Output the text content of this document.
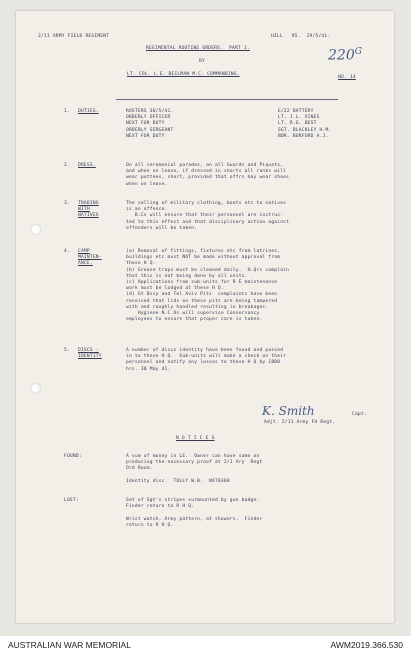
2/11 ARMY FIELD REGIMENT	HILL   95.  29/5/41.
REGIMENTAL ROUTINE ORDERS.  PART 1.	$220^G$
BY
LT. COL. L.E. BEILMAN M.C. COMMANDING.
NO. 14
1. DUTIES.	ROSTERS 30/5/41.	E/22 BATTERY
ORDERLY OFFICER	LT. J.L. VINES
NEXT FOR DUTY	LT. R.G. BEST
ORDERLY SERGEANT	SGT. BLACKLEY H.M.
NEXT FOR DUTY	BDR. BURFORD A.J.
2. DRESS.	On all ceremonial parades, on all Guards and Piquets,
and when on leave, if dressed in shorts all ranks will
wear puttees, short, provided that offrs may wear shoes
when on leave.
3. TRADING
WITH
NATIVES
The selling of military clothing, boots etc to natives
is an offence.
B.Cs will ensure that their personnel are instruc-
ted to this effect and that disciplinary action against
offenders will be taken.
4. CAMP
MAINTEN-
ANCE.
(a) Removal of fittings, fixtures etc from latrines,
buildings etc must NOT be made without approval from
these H Q.
(b) Grease traps must be cleaned daily.  H.Qrs complain
that this is not being done by all units.
(c) Applications from sub-units for R E maintenance
work must be lodged at these H Q.
(d) Gt Bssy and Tel Aviv Pits  complaints have been
received that lids on these pits are being tampered
with and roughly handled resulting in breakages.
Hygiene N.C.Os will supervise Conservancy
employees to ensure that proper care is taken.
5. DISCS -
IDENTITY
A number of discs identity have been found and passed
in to these H Q.  Sub-units will make a check on their
personnel and notify any losses to these H Q by 1800
hrs. 30 May 41.
K. Smith	Capt.
Adjt. 2/11 Army Fd Regt.
N O T I C E S
FOUND:	A sum of money in LE.  Owner can have same on
producing the necessary proof at 2/1 Ary  Regt
Ord Room.
Identity disc   TOLLY W.B.  NX70368
LOST:	Set of Sgt's stripes surmounted by gun badge.
Finder return to R H Q.
Wrist watch, Army pattern, at showers.  Finder
return to R H Q.
AUSTRALIAN WAR MEMORIAL	AWM2019.366.530
